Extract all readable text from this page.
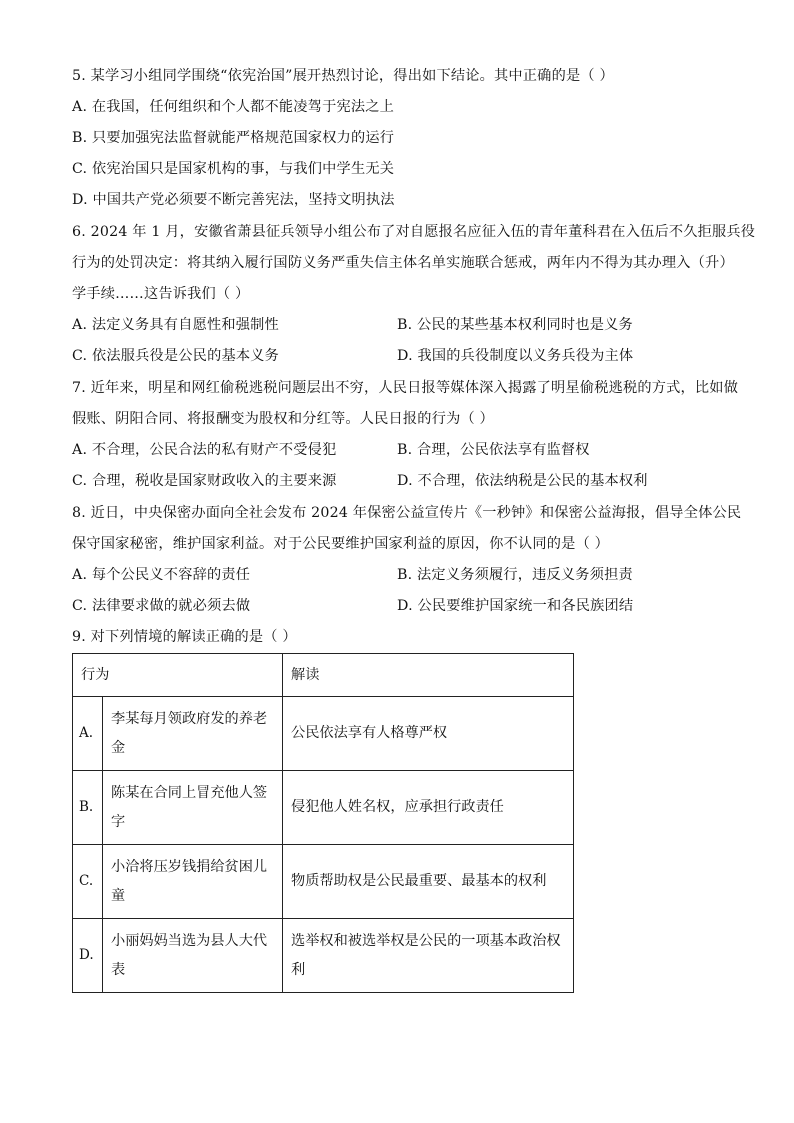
5. 某学习小组同学围绕“依宪治国”展开热烈讨论，得出如下结论。其中正确的是（ ）
A. 在我国，任何组织和个人都不能凌驾于宪法之上
B. 只要加强宪法监督就能严格规范国家权力的运行
C. 依宪治国只是国家机构的事，与我们中学生无关
D. 中国共产党必须要不断完善宪法，坚持文明执法
6. 2024 年 1 月，安徽省萧县征兵领导小组公布了对自愿报名应征入伍的青年董科君在入伍后不久拒服兵役
行为的处罚决定：将其纳入履行国防义务严重失信主体名单实施联合惩戒，两年内不得为其办理入（升）
学手续……这告诉我们（ ）
A. 法定义务具有自愿性和强制性	B. 公民的某些基本权利同时也是义务
C. 依法服兵役是公民的基本义务	D. 我国的兵役制度以义务兵役为主体
7. 近年来，明星和网红偷税逃税问题层出不穷，人民日报等媒体深入揭露了明星偷税逃税的方式，比如做
假账、阴阳合同、将报酬变为股权和分红等。人民日报的行为（ ）
A. 不合理，公民合法的私有财产不受侵犯	B. 合理，公民依法享有监督权
C. 合理，税收是国家财政收入的主要来源	D. 不合理，依法纳税是公民的基本权利
8. 近日，中央保密办面向全社会发布 2024 年保密公益宣传片《一秒钟》和保密公益海报，倡导全体公民
保守国家秘密，维护国家利益。对于公民要维护国家利益的原因，你不认同的是（ ）
A. 每个公民义不容辞的责任	B. 法定义务须履行，违反义务须担责
C. 法律要求做的就必须去做	D. 公民要维护国家统一和各民族团结
9. 对下列情境的解读正确的是（ ）
行为		解读
A.	李某每月领政府发的养老
金	公民依法享有人格尊严权
B.	陈某在合同上冒充他人签
字	侵犯他人姓名权，应承担行政责任
C.	小洽将压岁钱捐给贫困儿
童	物质帮助权是公民最重要、最基本的权利
D.	小丽妈妈当选为县人大代
表	选举权和被选举权是公民的一项基本政治权
利
